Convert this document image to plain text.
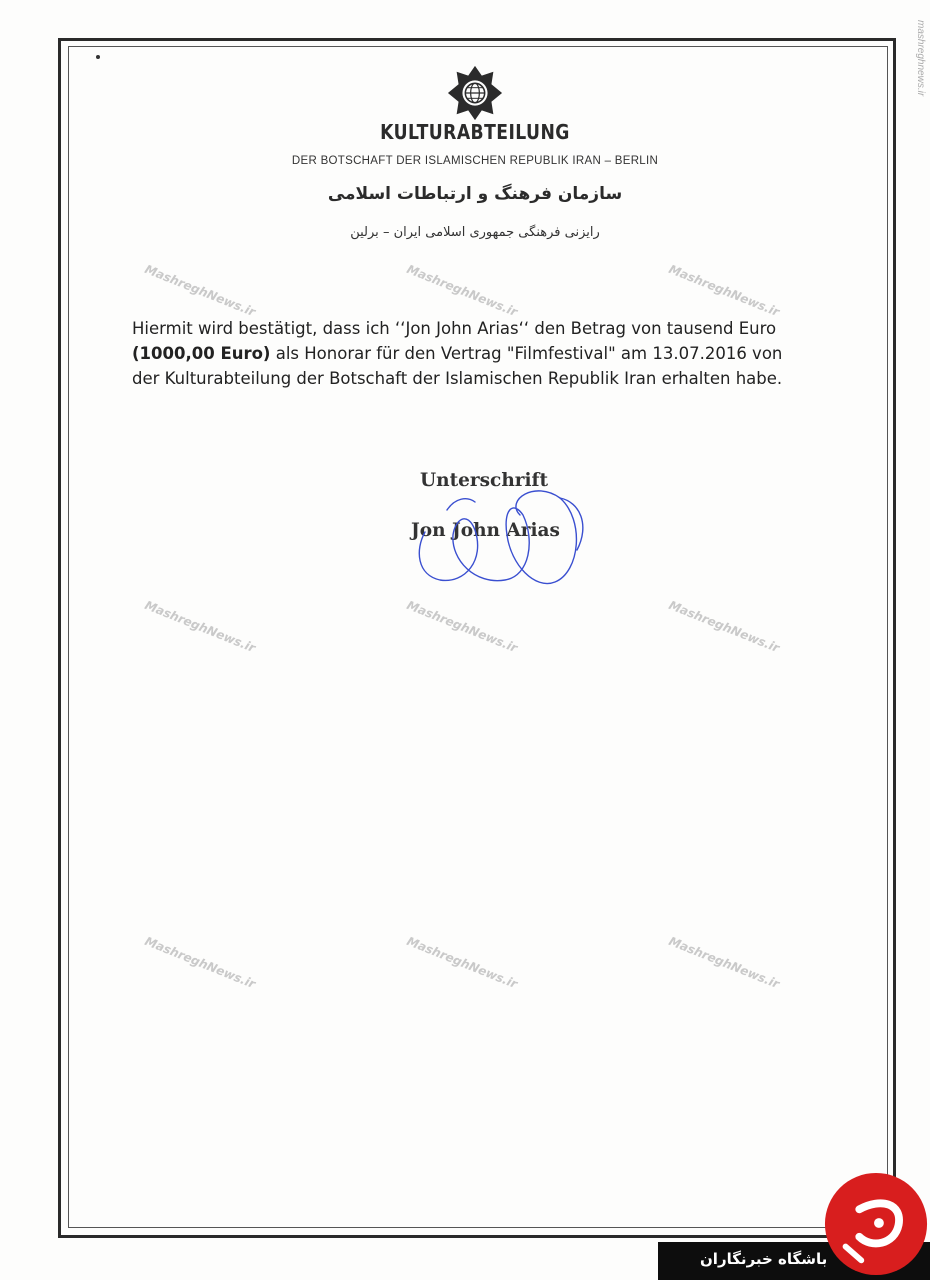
KULTURABTEILUNG
DER BOTSCHAFT DER ISLAMISCHEN REPUBLIK IRAN – BERLIN
سازمان فرهنگ و ارتباطات اسلامی
رایزنی فرهنگی جمهوری اسلامی ایران – برلین

Hiermit wird bestätigt, dass ich ‘‘Jon John Arias‘‘ den Betrag von tausend Euro
(1000,00 Euro) als Honorar für den Vertrag "Filmfestival" am 13.07.2016 von
der Kulturabteilung der Botschaft der Islamischen Republik Iran erhalten habe.

Unterschrift
Jon John Arias
MashreghNews.ir	MashreghNews.ir	MashreghNews.ir
MashreghNews.ir	MashreghNews.ir	MashreghNews.ir
MashreghNews.ir	MashreghNews.ir	MashreghNews.ir
mashreghnews.ir
باشگاه خبرنگاران
